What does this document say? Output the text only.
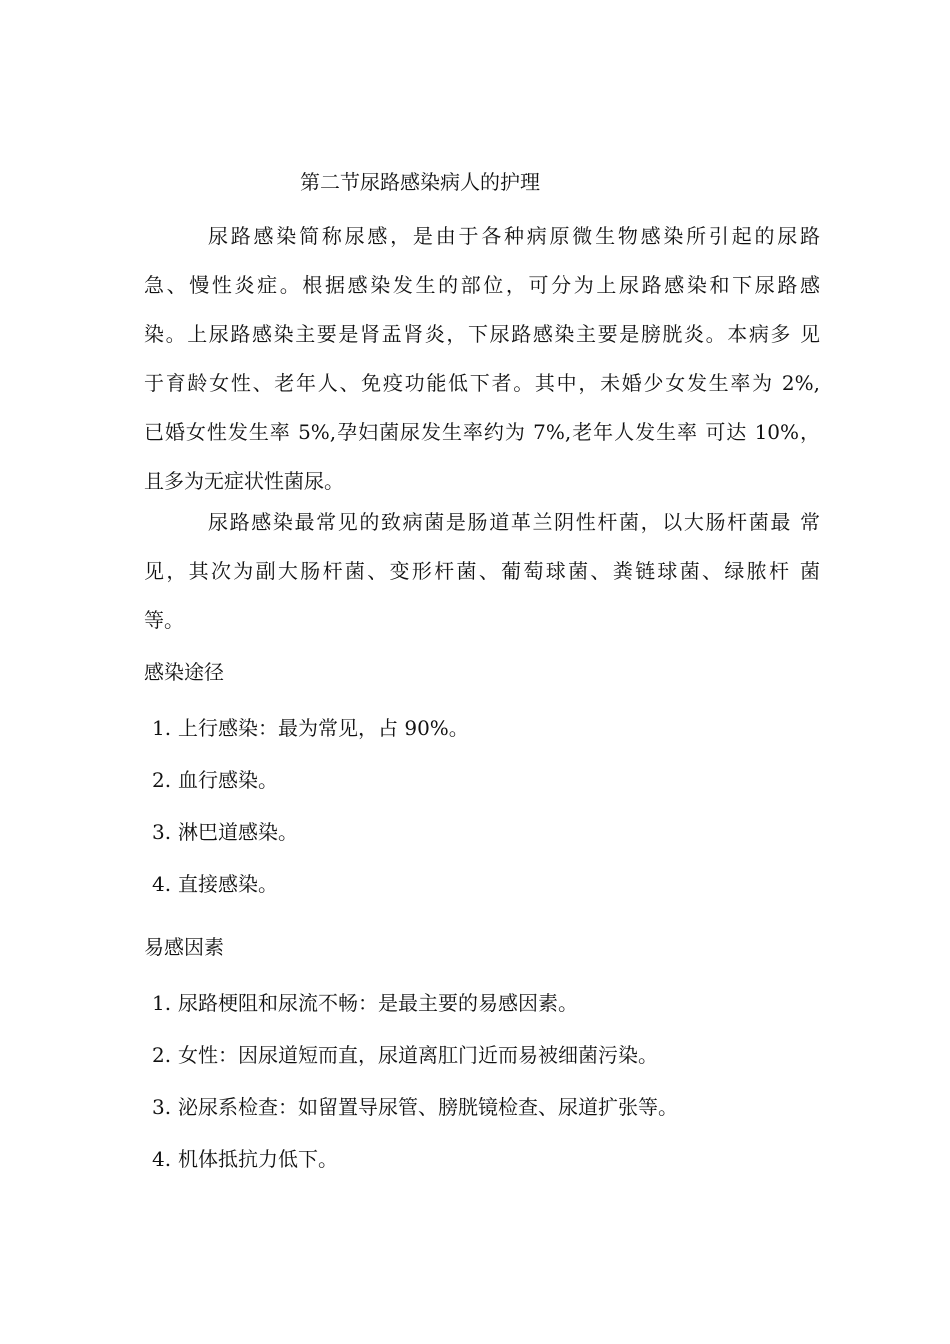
第二节尿路感染病人的护理
尿路感染简称尿感，是由于各种病原微生物感染所引起的尿路
急、慢性炎症。根据感染发生的部位，可分为上尿路感染和下尿路感
染。上尿路感染主要是肾盂肾炎，下尿路感染主要是膀胱炎。本病多 见
于育龄女性、老年人、免疫功能低下者。其中，未婚少女发生率为 2%,
已婚女性发生率 5%,孕妇菌尿发生率约为 7%,老年人发生率 可达 10%，
且多为无症状性菌尿。
尿路感染最常见的致病菌是肠道革兰阴性杆菌，以大肠杆菌最 常
见，其次为副大肠杆菌、变形杆菌、葡萄球菌、粪链球菌、绿脓杆 菌
等。
感染途径
1. 上行感染：最为常见，占 90%。
2. 血行感染。
3. 淋巴道感染。
4. 直接感染。
易感因素
1. 尿路梗阻和尿流不畅：是最主要的易感因素。
2. 女性：因尿道短而直，尿道离肛门近而易被细菌污染。
3. 泌尿系检查：如留置导尿管、膀胱镜检查、尿道扩张等。
4. 机体抵抗力低下。
